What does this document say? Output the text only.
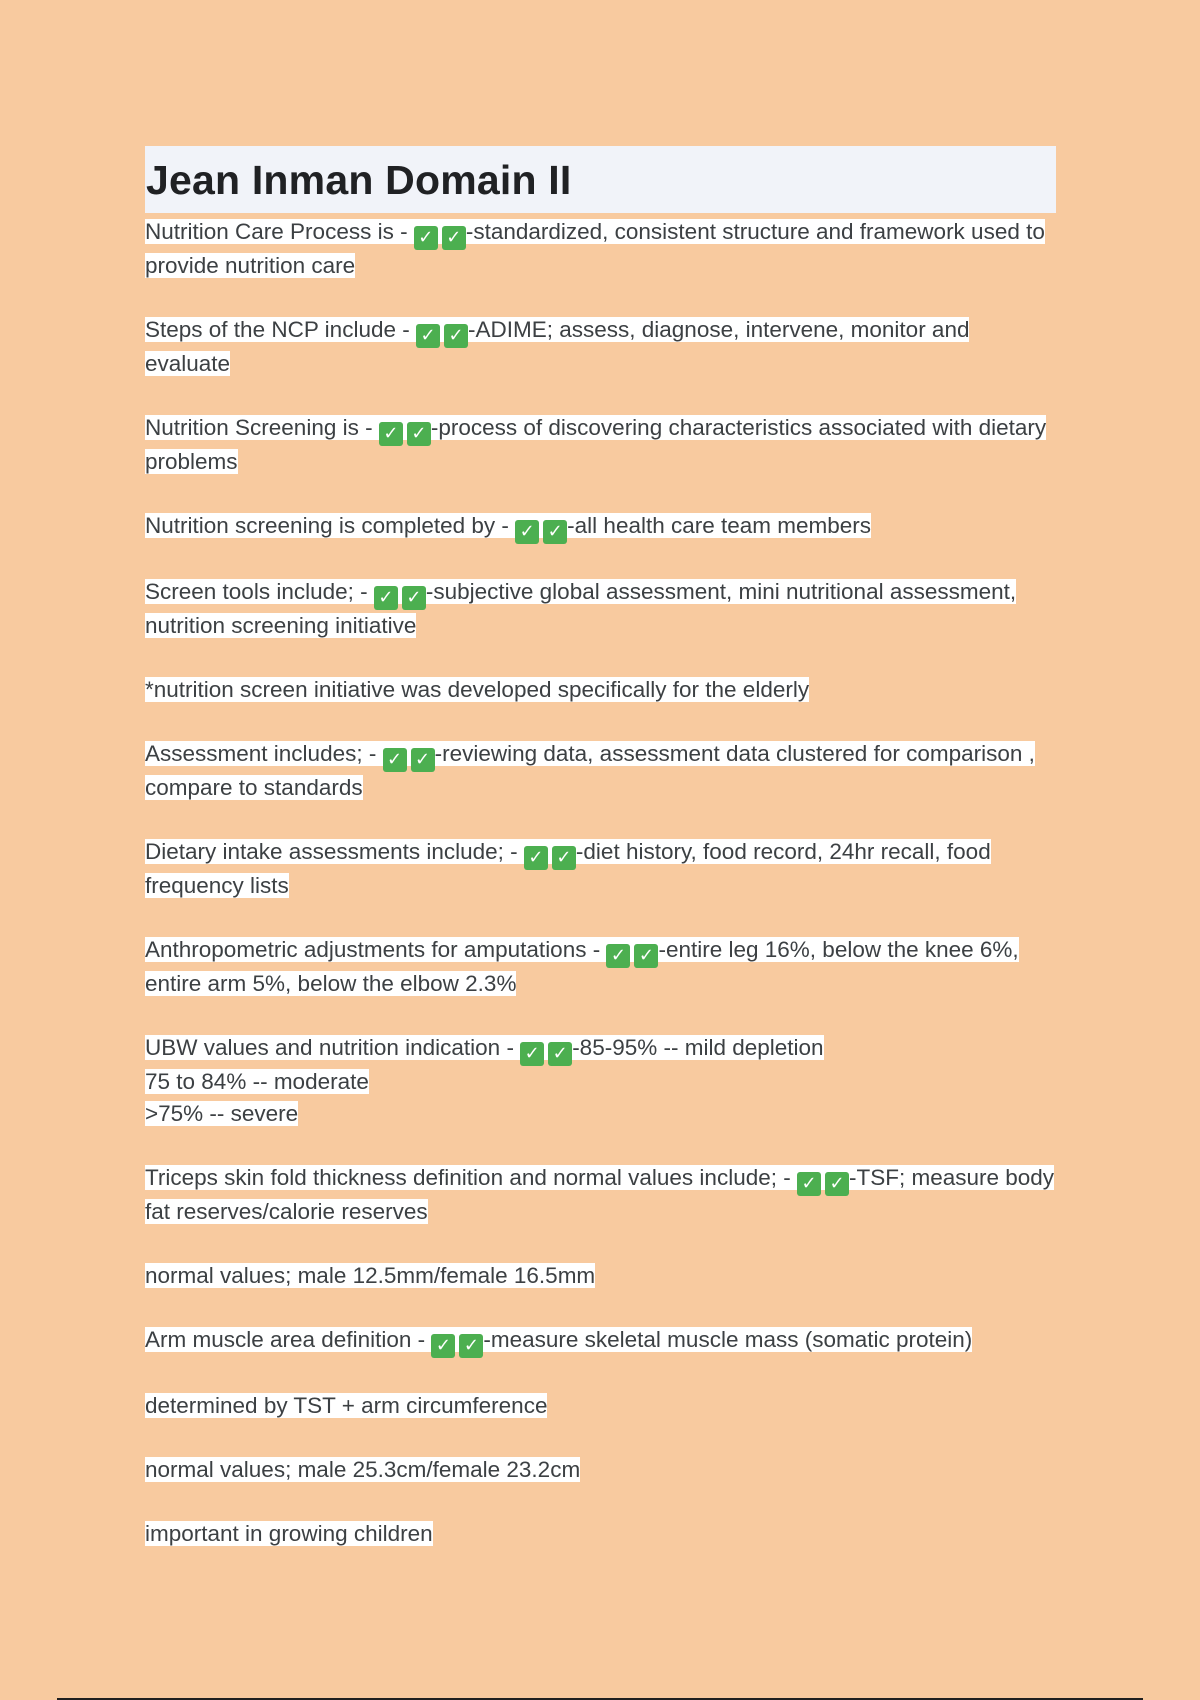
Jean Inman Domain II

Nutrition Care Process is - ✓ ✓ -standardized, consistent structure and framework used to provide nutrition care

Steps of the NCP include - ✓ ✓ -ADIME; assess, diagnose, intervene, monitor and evaluate

Nutrition Screening is - ✓ ✓ -process of discovering characteristics associated with dietary problems

Nutrition screening is completed by - ✓ ✓ -all health care team members

Screen tools include; - ✓ ✓ -subjective global assessment, mini nutritional assessment, nutrition screening initiative

*nutrition screen initiative was developed specifically for the elderly

Assessment includes; - ✓ ✓ -reviewing data, assessment data clustered for comparison , compare to standards

Dietary intake assessments include; - ✓ ✓ -diet history, food record, 24hr recall, food frequency lists

Anthropometric adjustments for amputations - ✓ ✓ -entire leg 16%, below the knee 6%, entire arm 5%, below the elbow 2.3%

UBW values and nutrition indication - ✓ ✓ -85-95% -- mild depletion
75 to 84% -- moderate
>75% -- severe

Triceps skin fold thickness definition and normal values include; - ✓ ✓ -TSF; measure body fat reserves/calorie reserves

normal values; male 12.5mm/female 16.5mm

Arm muscle area definition - ✓ ✓ -measure skeletal muscle mass (somatic protein)

determined by TST + arm circumference

normal values; male 25.3cm/female 23.2cm

important in growing children
